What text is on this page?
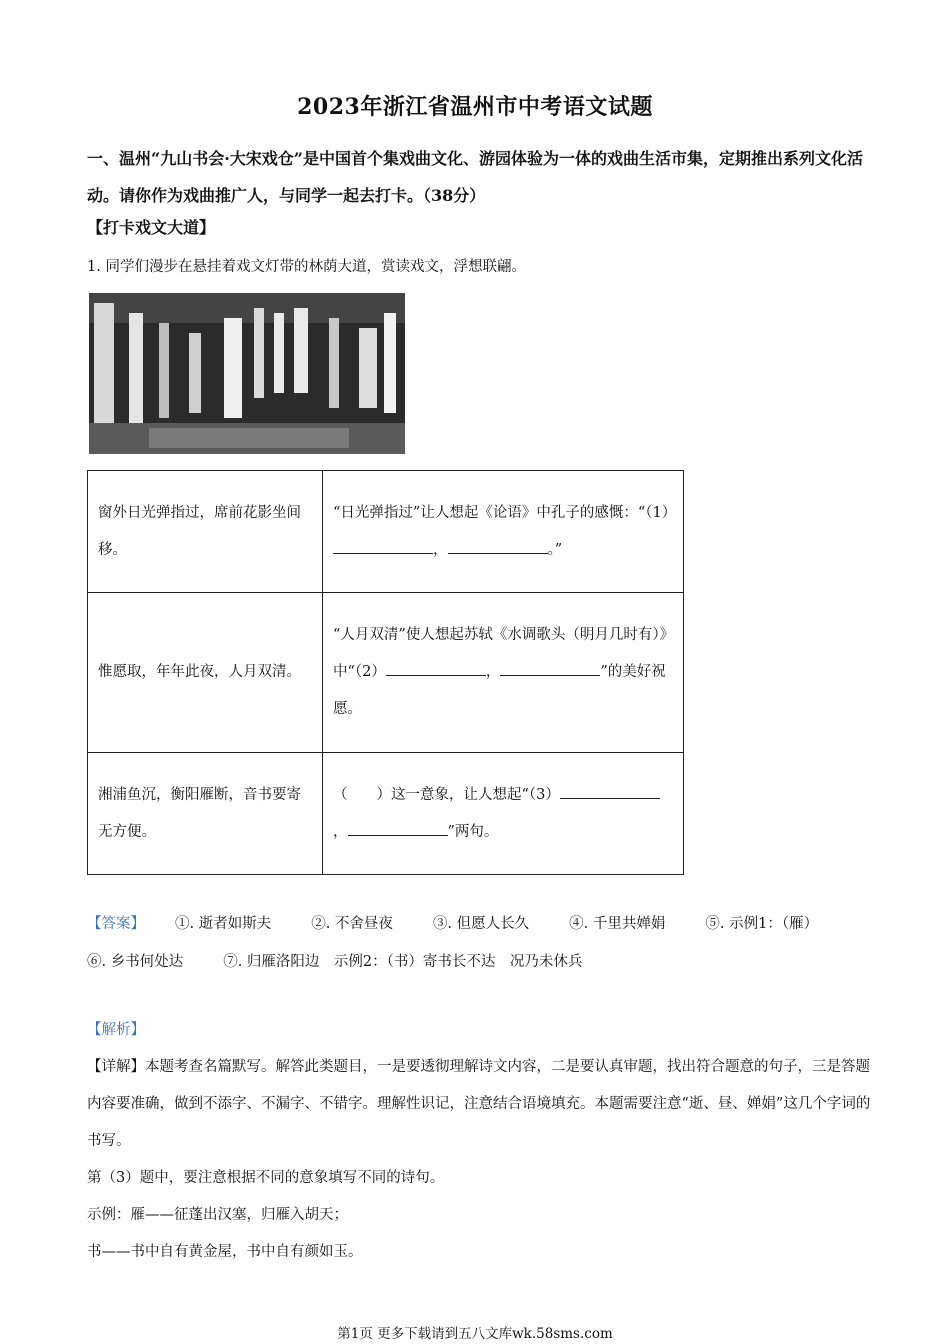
2023年浙江省温州市中考语文试题
一、温州“九山书会·大宋戏仓”是中国首个集戏曲文化、游园体验为一体的戏曲生活市集，定期推出系列文化活动。请你作为戏曲推广人，与同学一起去打卡。（38分）
【打卡戏文大道】
1. 同学们漫步在悬挂着戏文灯带的林荫大道，赏读戏文，浮想联翩。
窗外日光弹指过，席前花影坐间移。	“日光弹指过”让人想起《论语》中孔子的感慨：“（1）， 。”
惟愿取，年年此夜，人月双清。	“人月双清”使人想起苏轼《水调歌头（明月几时有）》中“（2） ， ”的美好祝愿。
湘浦鱼沉，衡阳雁断，音书要寄无方便。	（　　）这一意象，让人想起“（3）， ”两句。
【答案】 ①. 逝者如斯夫	②. 不舍昼夜	③. 但愿人长久	④. 千里共婵娟	⑤. 示例1：（雁）⑥. 乡书何处达	⑦. 归雁洛阳边　示例2：（书）寄书长不达　况乃未休兵

【解析】

【详解】本题考查名篇默写。解答此类题目，一是要透彻理解诗文内容，二是要认真审题，找出符合题意的句子，三是答题内容要准确，做到不添字、不漏字、不错字。理解性识记，注意结合语境填充。本题需要注意“逝、昼、婵娟”这几个字词的书写。

第（3）题中，要注意根据不同的意象填写不同的诗句。

示例：雁——征蓬出汉塞，归雁入胡天；

书——书中自有黄金屋，书中自有颜如玉。

第1页 更多下载请到五八文库wk.58sms.com
